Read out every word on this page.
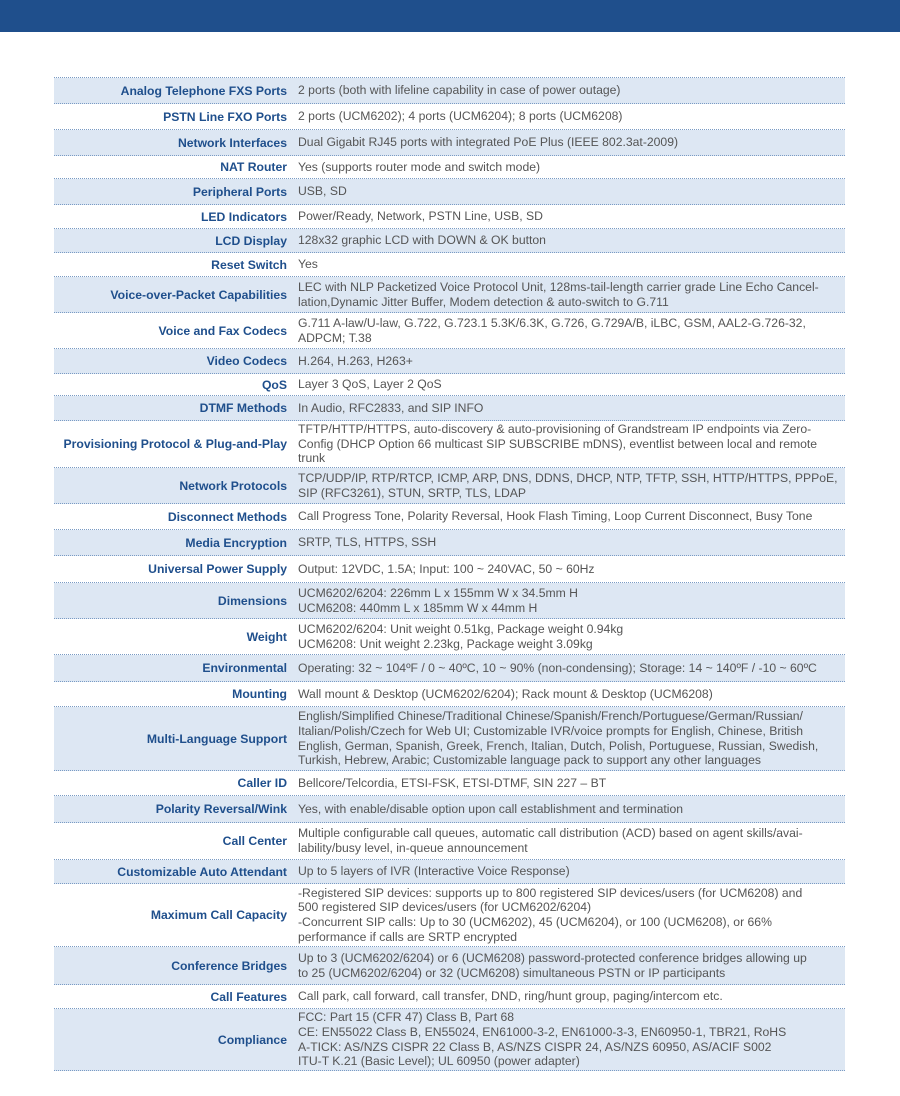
Analog Telephone FXS Ports 2 ports (both with lifeline capability in case of power outage)
PSTN Line FXO Ports 2 ports (UCM6202); 4 ports (UCM6204); 8 ports (UCM6208)
Network Interfaces Dual Gigabit RJ45 ports with integrated PoE Plus (IEEE 802.3at-2009)
NAT Router Yes (supports router mode and switch mode)
Peripheral Ports USB, SD
LED Indicators Power/Ready, Network, PSTN Line, USB, SD
LCD Display 128x32 graphic LCD with DOWN & OK button
Reset Switch Yes
Voice-over-Packet Capabilities
LEC with NLP Packetized Voice Protocol Unit, 128ms-tail-length carrier grade Line Echo Cancel-
lation,Dynamic Jitter Buffer, Modem detection & auto-switch to G.711
Voice and Fax Codecs
G.711 A-law/U-law, G.722, G.723.1 5.3K/6.3K, G.726, G.729A/B, iLBC, GSM, AAL2-G.726-32,
ADPCM; T.38
Video Codecs H.264, H.263, H263+
QoS Layer 3 QoS, Layer 2 QoS
DTMF Methods In Audio, RFC2833, and SIP INFO
Provisioning Protocol & Plug-and-Play
TFTP/HTTP/HTTPS, auto-discovery & auto-provisioning of Grandstream IP endpoints via Zero-
Config (DHCP Option 66 multicast SIP SUBSCRIBE mDNS), eventlist between local and remote
trunk
Network Protocols
TCP/UDP/IP, RTP/RTCP, ICMP, ARP, DNS, DDNS, DHCP, NTP, TFTP, SSH, HTTP/HTTPS, PPPoE,
SIP (RFC3261), STUN, SRTP, TLS, LDAP
Disconnect Methods Call Progress Tone, Polarity Reversal, Hook Flash Timing, Loop Current Disconnect, Busy Tone
Media Encryption SRTP, TLS, HTTPS, SSH
Universal Power Supply Output: 12VDC, 1.5A; Input: 100 ~ 240VAC, 50 ~ 60Hz
Dimensions
UCM6202/6204: 226mm L x 155mm W x 34.5mm H
UCM6208: 440mm L x 185mm W x 44mm H
Weight
UCM6202/6204: Unit weight 0.51kg, Package weight 0.94kg
UCM6208: Unit weight 2.23kg, Package weight 3.09kg
Environmental Operating: 32 ~ 104ºF / 0 ~ 40ºC, 10 ~ 90% (non-condensing); Storage: 14 ~ 140ºF / -10 ~ 60ºC
Mounting Wall mount & Desktop (UCM6202/6204); Rack mount & Desktop (UCM6208)
Multi-Language Support
English/Simplified Chinese/Traditional Chinese/Spanish/French/Portuguese/German/Russian/
Italian/Polish/Czech for Web UI; Customizable IVR/voice prompts for English, Chinese, British
English, German, Spanish, Greek, French, Italian, Dutch, Polish, Portuguese, Russian, Swedish,
Turkish, Hebrew, Arabic; Customizable language pack to support any other languages
Caller ID Bellcore/Telcordia, ETSI-FSK, ETSI-DTMF, SIN 227 – BT
Polarity Reversal/Wink Yes, with enable/disable option upon call establishment and termination
Call Center
Multiple configurable call queues, automatic call distribution (ACD) based on agent skills/avai-
lability/busy level, in-queue announcement
Customizable Auto Attendant Up to 5 layers of IVR (Interactive Voice Response)
Maximum Call Capacity
-Registered SIP devices: supports up to 800 registered SIP devices/users (for UCM6208) and
500 registered SIP devices/users (for UCM6202/6204)
-Concurrent SIP calls: Up to 30 (UCM6202), 45 (UCM6204), or 100 (UCM6208), or 66%
performance if calls are SRTP encrypted
Conference Bridges
Up to 3 (UCM6202/6204) or 6 (UCM6208) password-protected conference bridges allowing up
to 25 (UCM6202/6204) or 32 (UCM6208) simultaneous PSTN or IP participants
Call Features Call park, call forward, call transfer, DND, ring/hunt group, paging/intercom etc.
Compliance
FCC: Part 15 (CFR 47) Class B, Part 68
CE: EN55022 Class B, EN55024, EN61000-3-2, EN61000-3-3, EN60950-1, TBR21, RoHS
A-TICK: AS/NZS CISPR 22 Class B, AS/NZS CISPR 24, AS/NZS 60950, AS/ACIF S002
ITU-T K.21 (Basic Level); UL 60950 (power adapter)
